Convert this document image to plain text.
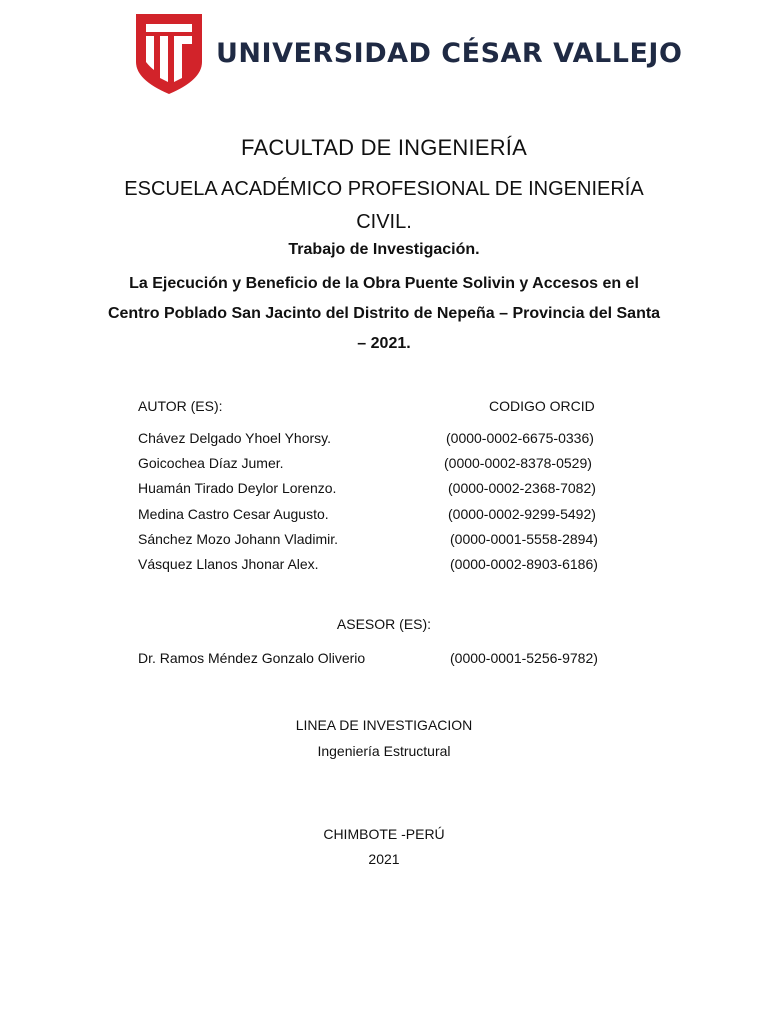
UNIVERSIDAD CÉSAR VALLEJO
FACULTAD DE INGENIERÍA
ESCUELA ACADÉMICO PROFESIONAL DE INGENIERÍA
CIVIL.
Trabajo de Investigación.
La Ejecución y Beneficio de la Obra Puente Solivin y Accesos en el
Centro Poblado San Jacinto del Distrito de Nepeña – Provincia del Santa
– 2021.
AUTOR (ES):	CODIGO ORCID
Chávez Delgado Yhoel Yhorsy.
Goicochea Díaz Jumer.
Huamán Tirado Deylor Lorenzo.
Medina Castro Cesar Augusto.
Sánchez Mozo Johann Vladimir.
Vásquez Llanos Jhonar Alex.
(0000-0002-6675-0336)
(0000-0002-8378-0529)
(0000-0002-2368-7082)
(0000-0002-9299-5492)
(0000-0001-5558-2894)
(0000-0002-8903-6186)
ASESOR (ES):
Dr. Ramos Méndez Gonzalo Oliverio	(0000-0001-5256-9782)
LINEA DE INVESTIGACION
Ingeniería Estructural
CHIMBOTE -PERÚ
2021
